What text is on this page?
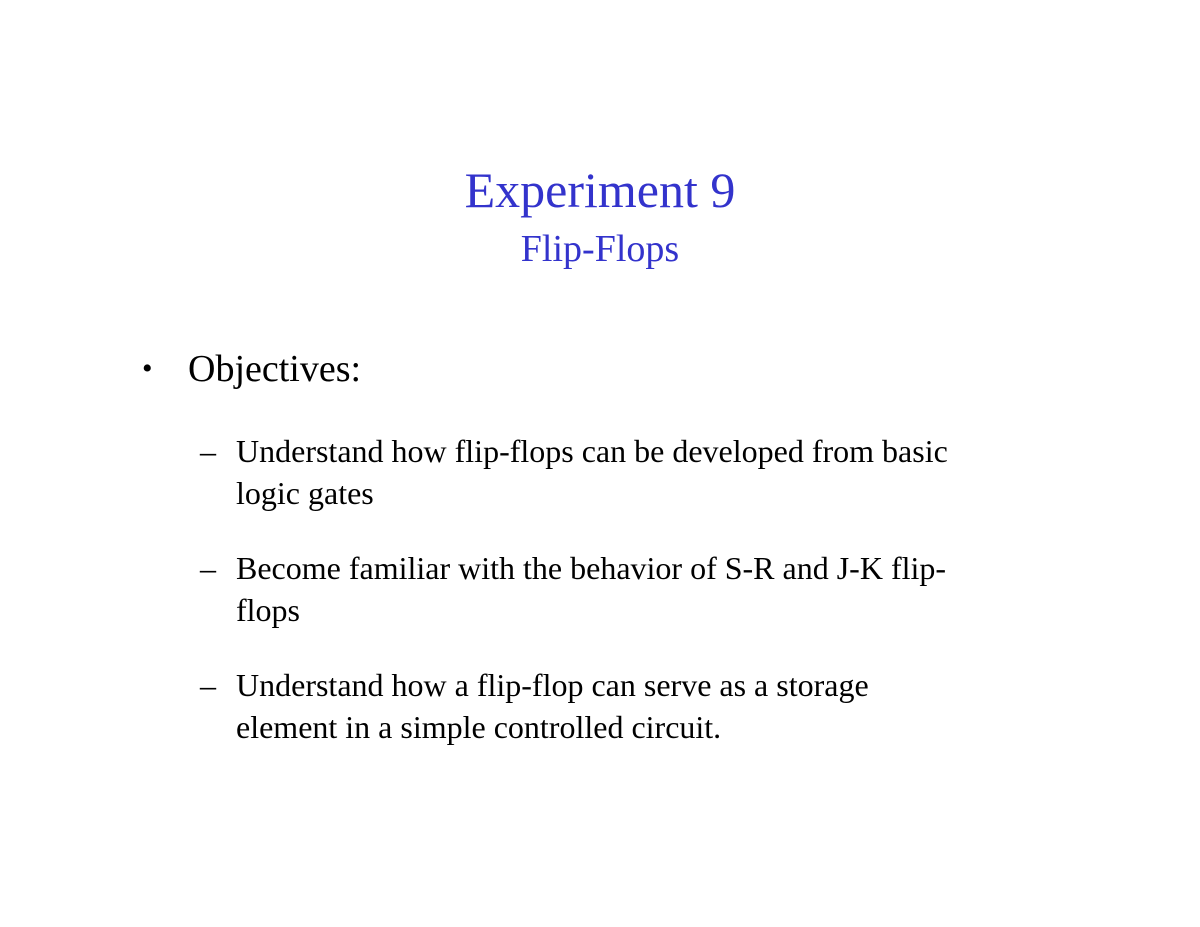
Experiment 9
Flip-Flops
• Objectives:
– Understand how flip-flops can be developed from basic
logic gates
– Become familiar with the behavior of S-R and J-K flip-
flops
– Understand how a flip-flop can serve as a storage
element in a simple controlled circuit.
